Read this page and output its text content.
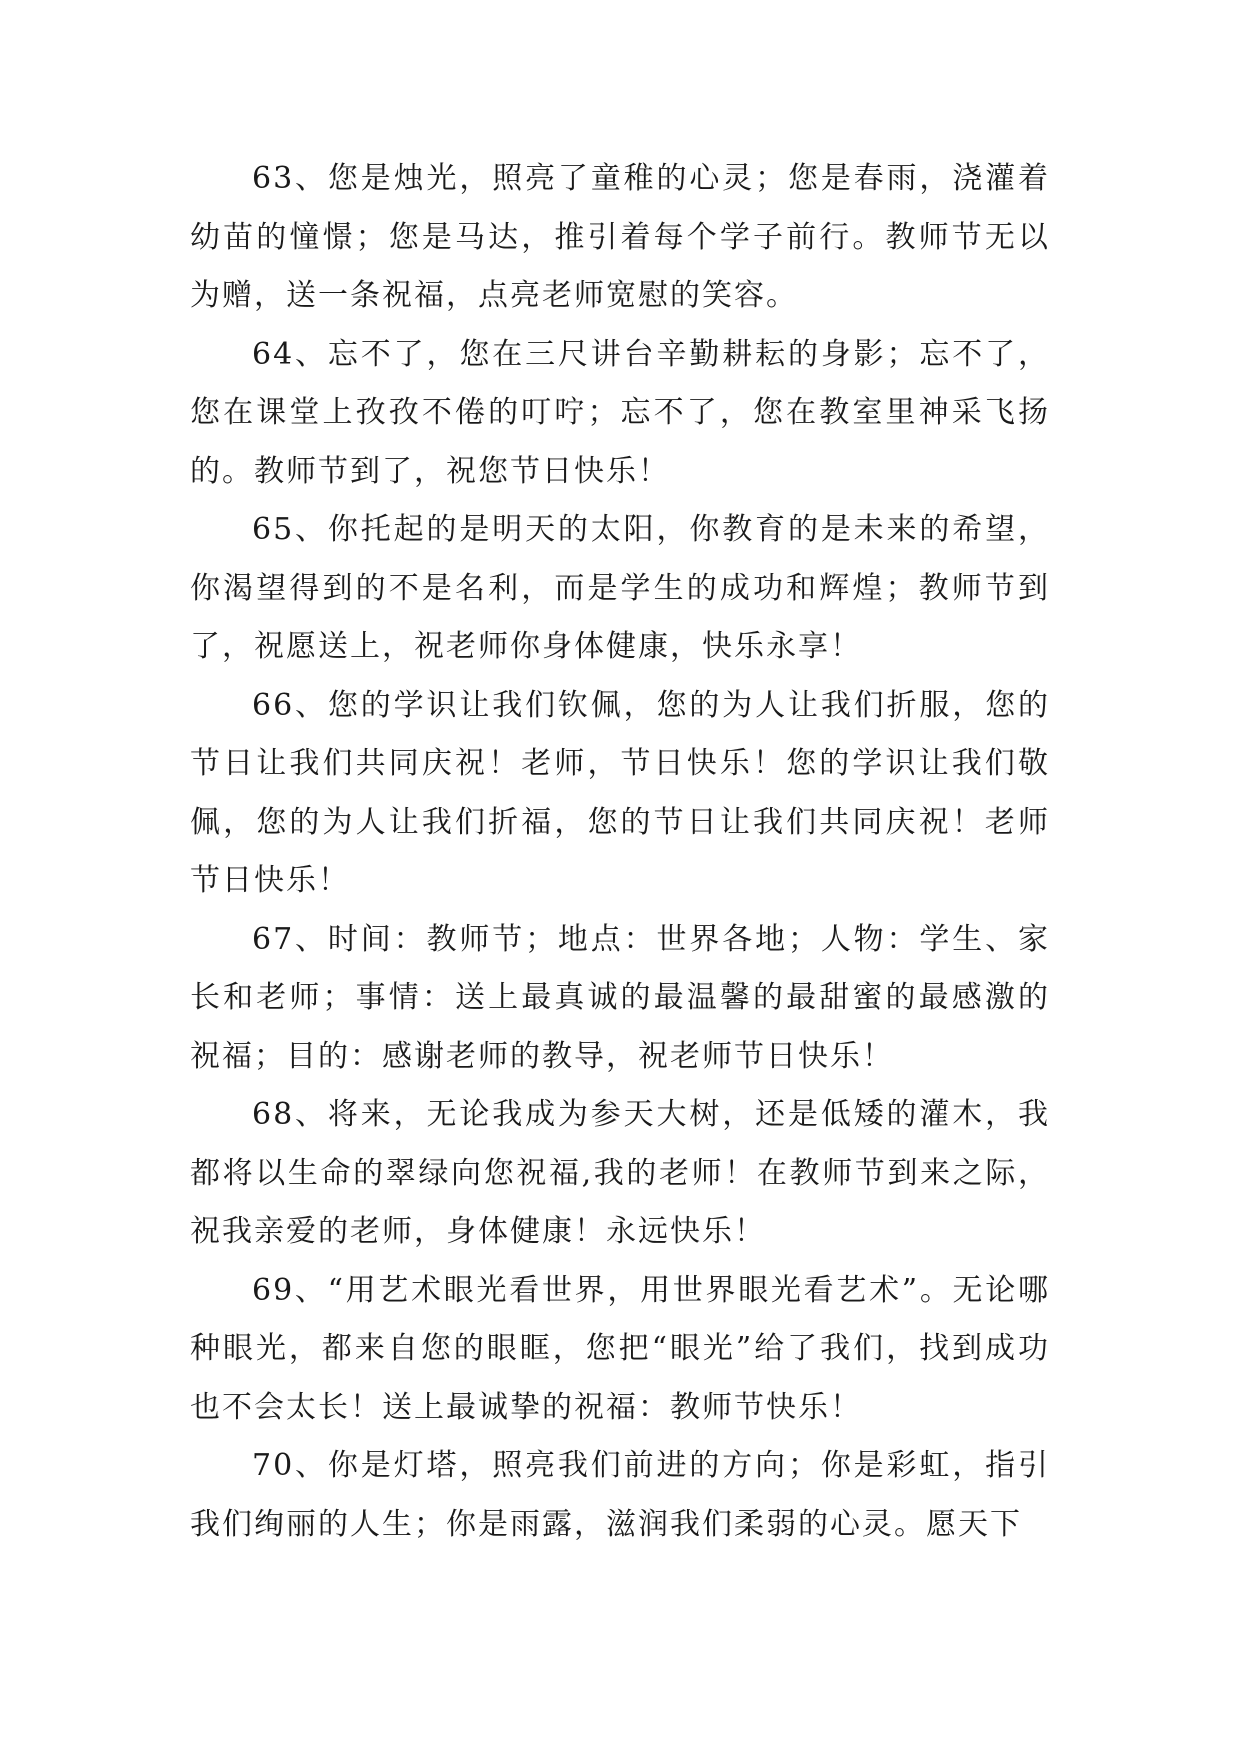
63、您是烛光，照亮了童稚的心灵；您是春雨，浇灌着幼苗的憧憬；您是马达，推引着每个学子前行。教师节无以为赠，送一条祝福，点亮老师宽慰的笑容。

64、忘不了，您在三尺讲台辛勤耕耘的身影；忘不了，您在课堂上孜孜不倦的叮咛；忘不了，您在教室里神采飞扬的。教师节到了，祝您节日快乐！

65、你托起的是明天的太阳，你教育的是未来的希望，你渴望得到的不是名利，而是学生的成功和辉煌；教师节到了，祝愿送上，祝老师你身体健康，快乐永享！

66、您的学识让我们钦佩，您的为人让我们折服，您的节日让我们共同庆祝！老师，节日快乐！您的学识让我们敬佩，您的为人让我们折福，您的节日让我们共同庆祝！老师节日快乐！

67、时间：教师节；地点：世界各地；人物：学生、家长和老师；事情：送上最真诚的最温馨的最甜蜜的最感激的祝福；目的：感谢老师的教导，祝老师节日快乐！

68、将来，无论我成为参天大树，还是低矮的灌木，我都将以生命的翠绿向您祝福,我的老师！在教师节到来之际，祝我亲爱的老师，身体健康！永远快乐！

69、“用艺术眼光看世界，用世界眼光看艺术”。无论哪种眼光，都来自您的眼眶，您把“眼光”给了我们，找到成功也不会太长！送上最诚挚的祝福：教师节快乐！

70、你是灯塔，照亮我们前进的方向；你是彩虹，指引我们绚丽的人生；你是雨露，滋润我们柔弱的心灵。愿天下
